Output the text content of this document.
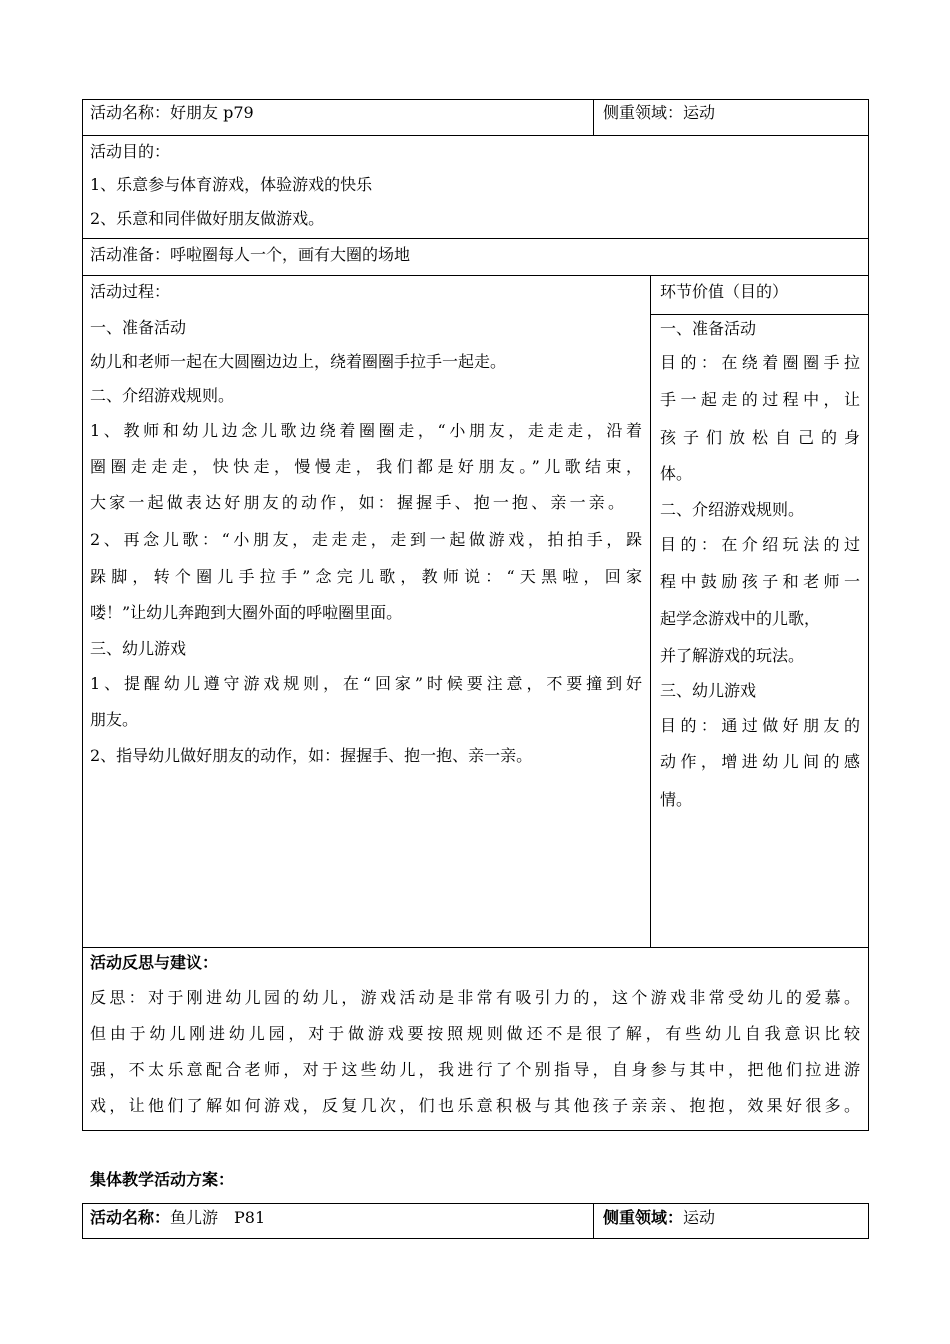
活动名称：好朋友 p79	侧重领域：运动
活动目的：
1、乐意参与体育游戏，体验游戏的快乐
2、乐意和同伴做好朋友做游戏。
活动准备：呼啦圈每人一个，画有大圈的场地
活动过程：
一、准备活动
幼儿和老师一起在大圆圈边边上，绕着圈圈手拉手一起走。
二、介绍游戏规则。
1、教师和幼儿边念儿歌边绕着圈圈走，“小朋友，走走走，沿着
圈圈走走走，快快走，慢慢走，我们都是好朋友。”儿歌结束，
大家一起做表达好朋友的动作，如：握握手、抱一抱、亲一亲。
2、再念儿歌：“小朋友，走走走，走到一起做游戏，拍拍手，跺
跺脚，转个圈儿手拉手”念完儿歌，教师说：“天黑啦，回家
喽！”让幼儿奔跑到大圈外面的呼啦圈里面。
三、幼儿游戏
1、提醒幼儿遵守游戏规则，在“回家”时候要注意，不要撞到好
朋友。
2、指导幼儿做好朋友的动作，如：握握手、抱一抱、亲一亲。
环节价值（目的）
一、准备活动
目的：在绕着圈圈手拉
手一起走的过程中，让
孩子们放松自己的身
体。
二、介绍游戏规则。
目的：在介绍玩法的过
程中鼓励孩子和老师一
起学念游戏中的儿歌，
并了解游戏的玩法。
三、幼儿游戏
目的：通过做好朋友的
动作，增进幼儿间的感
情。
活动反思与建议：
反思：对于刚进幼儿园的幼儿，游戏活动是非常有吸引力的，这个游戏非常受幼儿的爱慕。
但由于幼儿刚进幼儿园，对于做游戏要按照规则做还不是很了解，有些幼儿自我意识比较
强，不太乐意配合老师，对于这些幼儿，我进行了个别指导，自身参与其中，把他们拉进游
戏，让他们了解如何游戏，反复几次，们也乐意积极与其他孩子亲亲、抱抱，效果好很多。
集体教学活动方案：
活动名称：鱼儿游　P81	侧重领域：运动
